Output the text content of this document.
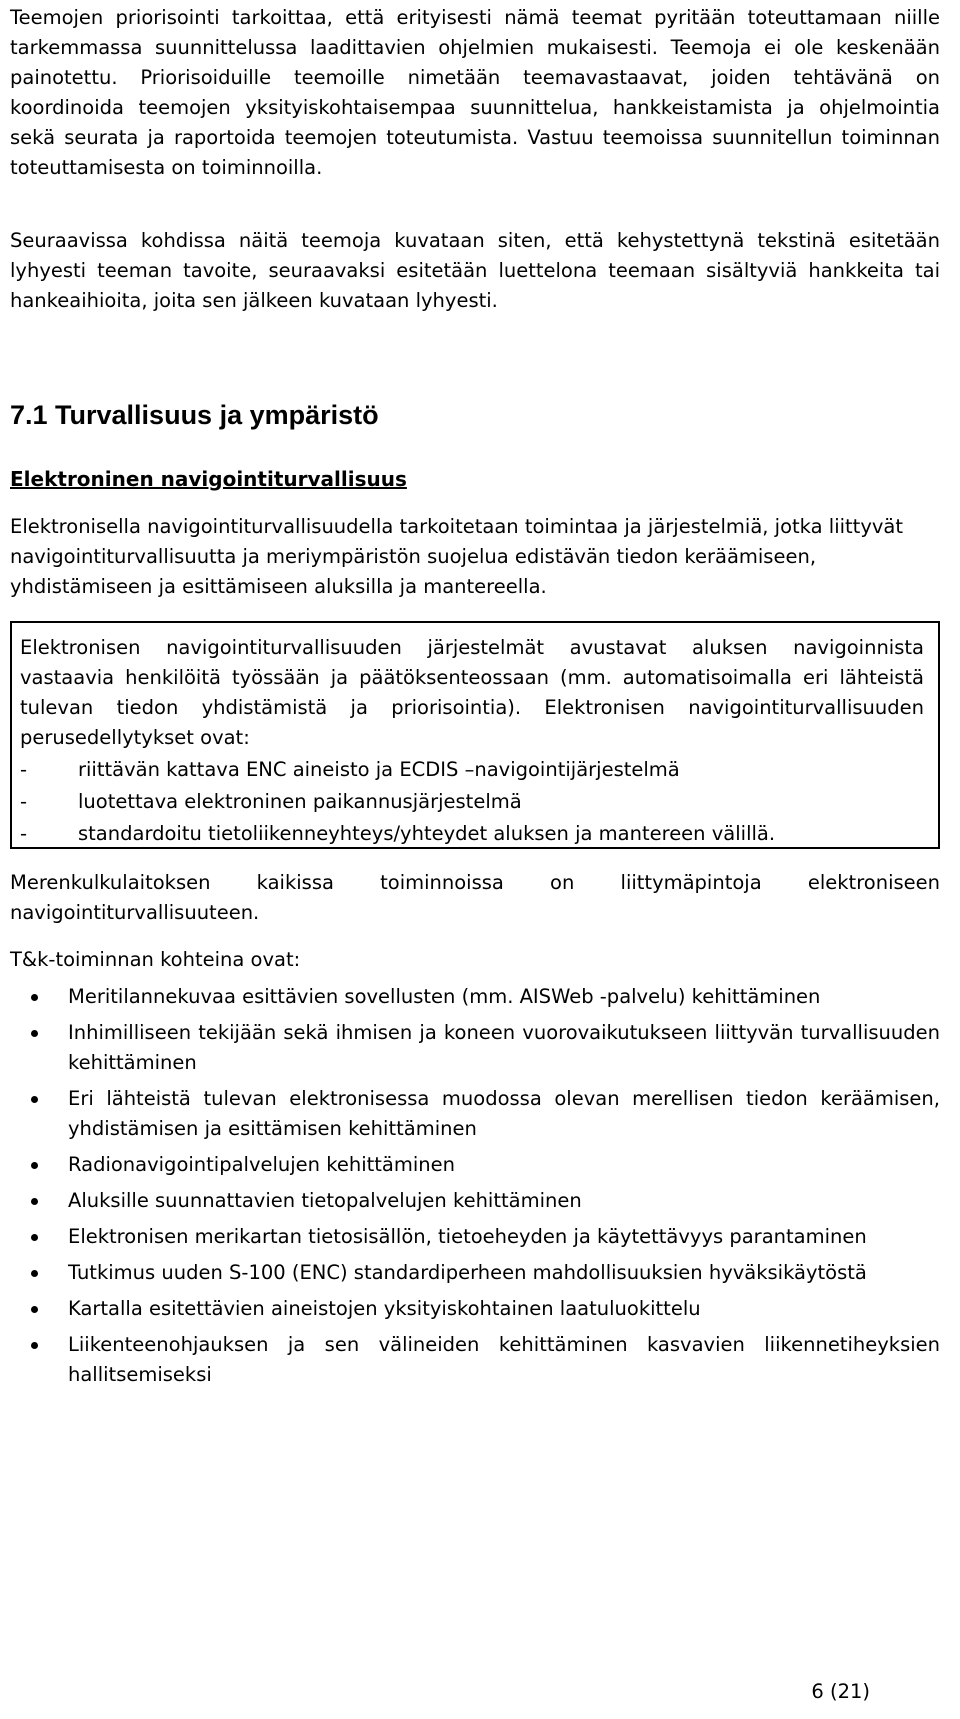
Teemojen priorisointi tarkoittaa, että erityisesti nämä teemat pyritään toteuttamaan niille tarkemmassa suunnittelussa laadittavien ohjelmien mukaisesti. Teemoja ei ole keskenään painotettu. Priorisoiduille teemoille nimetään teemavastaavat, joiden tehtävänä on koordinoida teemojen yksityiskohtaisempaa suunnittelua, hankkeistamista ja ohjelmointia sekä seurata ja raportoida teemojen toteutumista. Vastuu teemoissa suunnitellun toiminnan toteuttamisesta on toiminnoilla.

Seuraavissa kohdissa näitä teemoja kuvataan siten, että kehystettynä tekstinä esitetään lyhyesti teeman tavoite, seuraavaksi esitetään luettelona teemaan sisältyviä hankkeita tai hankeaihioita, joita sen jälkeen kuvataan lyhyesti.

7.1 Turvallisuus ja ympäristö
Elektroninen navigointiturvallisuus

Elektronisella navigointiturvallisuudella tarkoitetaan toimintaa ja järjestelmiä, jotka liittyvät navigointiturvallisuutta ja meriympäristön suojelua edistävän tiedon keräämiseen, yhdistämiseen ja esittämiseen aluksilla ja mantereella.

Elektronisen navigointiturvallisuuden järjestelmät avustavat aluksen navigoinnista vastaavia henkilöitä työssään ja päätöksenteossaan (mm. automatisoimalla eri lähteistä tulevan tiedon yhdistämistä ja priorisointia). Elektronisen navigointiturvallisuuden perusedellytykset ovat:

-	riittävän kattava ENC aineisto ja ECDIS –navigointijärjestelmä
-	luotettava elektroninen paikannusjärjestelmä
-	standardoitu tietoliikenneyhteys/yhteydet aluksen ja mantereen välillä.

Merenkulkulaitoksen kaikissa toiminnoissa on liittymäpintoja elektroniseen navigointiturvallisuuteen.

T&k-toiminnan kohteina ovat:

Meritilannekuvaa esittävien sovellusten (mm. AISWeb -palvelu) kehittäminen
Inhimilliseen tekijään sekä ihmisen ja koneen vuorovaikutukseen liittyvän turvallisuuden kehittäminen
Eri lähteistä tulevan elektronisessa muodossa olevan merellisen tiedon keräämisen, yhdistämisen ja esittämisen kehittäminen
Radionavigointipalvelujen kehittäminen
Aluksille suunnattavien tietopalvelujen kehittäminen
Elektronisen merikartan tietosisällön, tietoeheyden ja käytettävyys parantaminen
Tutkimus uuden S-100 (ENC) standardiperheen mahdollisuuksien hyväksikäytöstä
Kartalla esitettävien aineistojen yksityiskohtainen laatuluokittelu
Liikenteenohjauksen ja sen välineiden kehittäminen kasvavien liikennetiheyksien hallitsemiseksi
6 (21)
